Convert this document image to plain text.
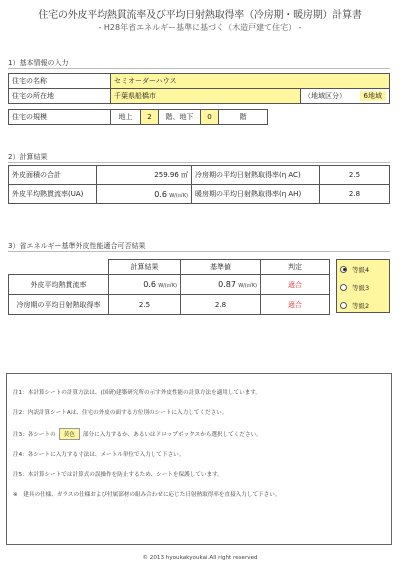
住宅の外皮平均熱貫流率及び平均日射熱取得率（冷房期・暖房期）計算書
- H28年省エネルギー基準に基づく（木造戸建て住宅） -
1）基本情報の入力
住宅の名称	セミオーダーハウス	
住宅の所在地	千葉県船橋市	（地域区分） 6地域
住宅の規模	地上	2	階、地下	0	階
2）計算結果
外皮面積の合計	259.96 ㎡	冷房期の平均日射熱取得率(η AC)	2.5
外皮平均熱貫流率(UA)	0.6 W/(㎡K)	暖房期の平均日射熱取得率(η AH)	2.8
3）省エネルギー基準外皮性能適合可否結果
	計算結果	基準値	判定
外皮平均熱貫流率	0.6 W/(㎡K)	0.87 W/(㎡K)	適合
冷房期の平均日射熱取得率	2.5	2.8	適合
等級4
等級3
等級2
注1：本計算シートの計算方法は、(国研)建築研究所の示す外皮性能の計算方法を適用しています。
注2：内訳計算シートAは、住宅の外皮の面する方位別のシートに入力してください。
注3：各シートの 黄色 部分に入力するか、あるいはドロップボックスから選択してください。
注4：各シートに入力する寸法は、メートル単位で入力して下さい。
注5：本計算シートでは計算式の誤操作を防止するため、シートを保護しています。
※　建具の仕様、ガラスの仕様および付属部材の組み合わせに応じた日射熱取得率を直接入力して下さい。
© 2013 hyoukakyoukai.All right reserved
